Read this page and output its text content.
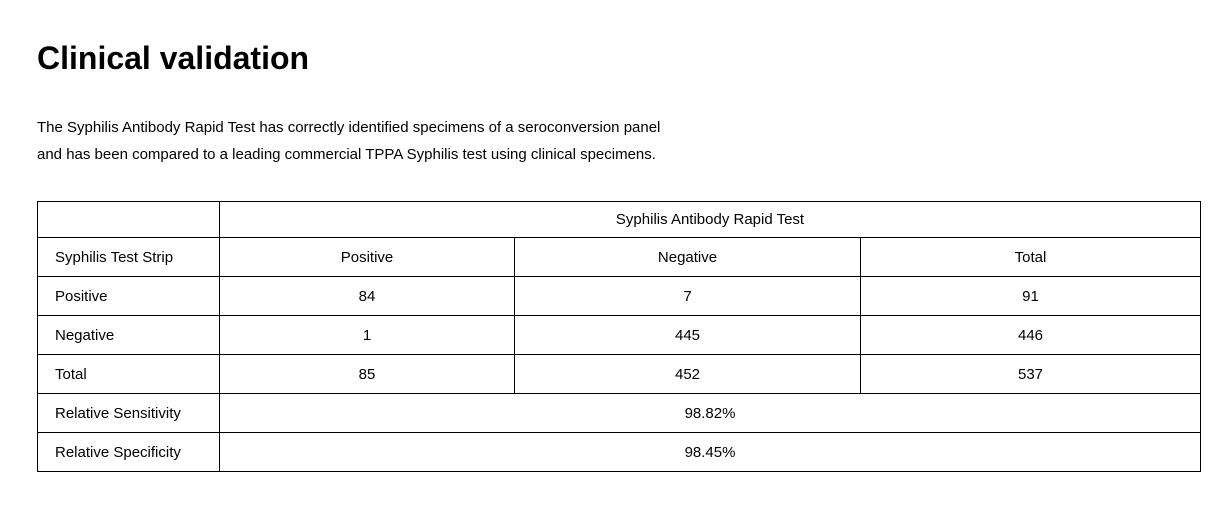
Clinical validation

The Syphilis Antibody Rapid Test has correctly identified specimens of a seroconversion panel

and has been compared to a leading commercial TPPA Syphilis test using clinical specimens.

	Syphilis Antibody Rapid Test		
Syphilis Test Strip	Positive	Negative	Total
Positive	84	7	91
Negative	1	445	446
Total	85	452	537
Relative Sensitivity	98.82%		
Relative Specificity	98.45%		
